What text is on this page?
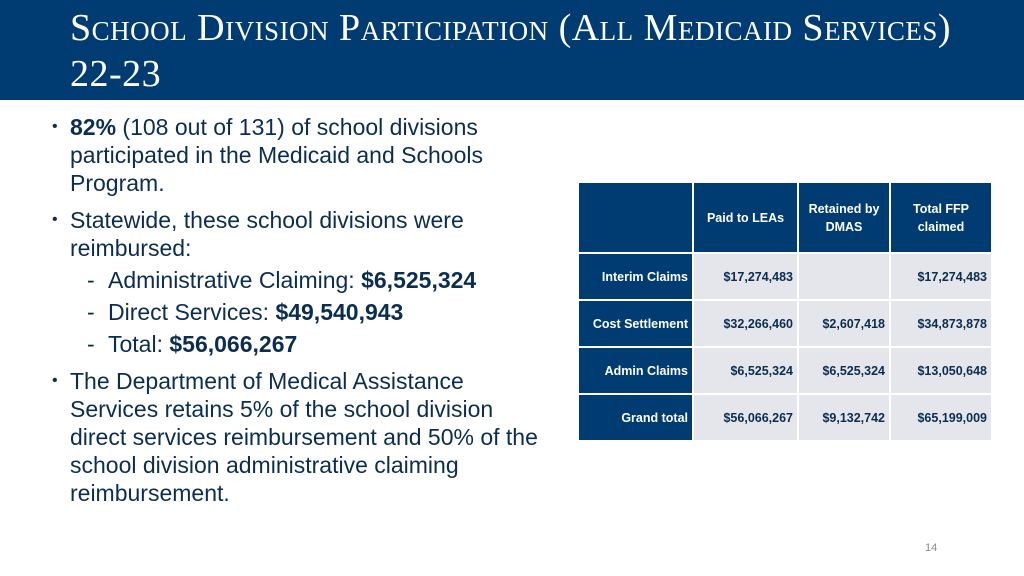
School Division Participation (All Medicaid Services) 22-23
• 82% (108 out of 131) of school divisions participated in the Medicaid and Schools Program.
• Statewide, these school divisions were reimbursed:
- Administrative Claiming: $6,525,324
- Direct Services: $49,540,943
- Total: $56,066,267
• The Department of Medical Assistance Services retains 5% of the school division direct services reimbursement and 50% of the school division administrative claiming reimbursement.
	Paid to LEAs	Retained by DMAS	Total FFP claimed
Interim Claims	$17,274,483		$17,274,483
Cost Settlement	$32,266,460	$2,607,418	$34,873,878
Admin Claims	$6,525,324	$6,525,324	$13,050,648
Grand total	$56,066,267	$9,132,742	$65,199,009
14
